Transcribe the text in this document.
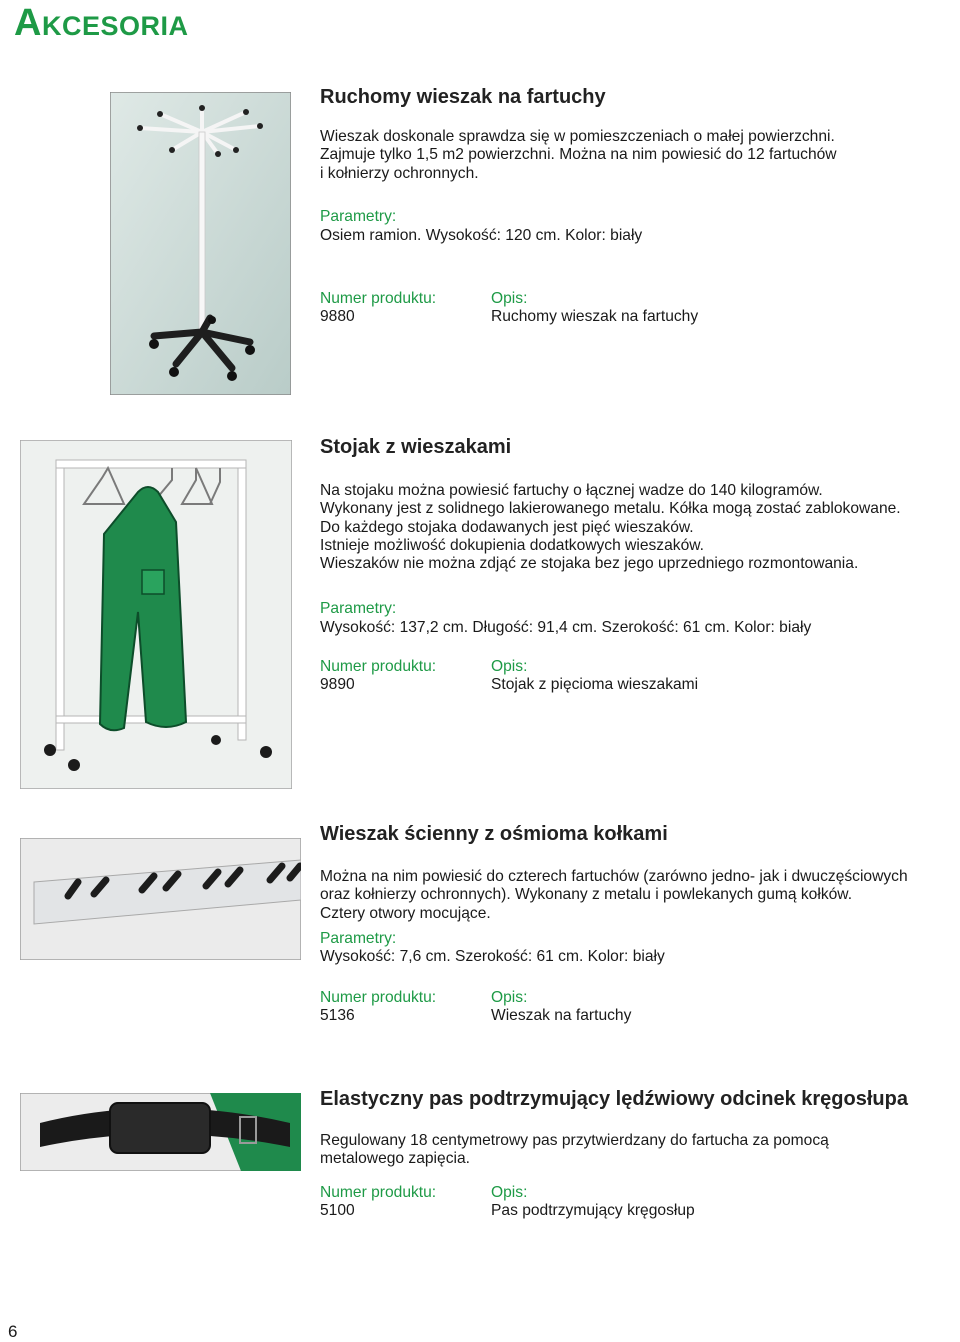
AKCESORIA
Ruchomy wieszak na fartuchy
Wieszak doskonale sprawdza się w pomieszczeniach o małej powierzchni.
Zajmuje tylko 1,5 m2 powierzchni. Można na nim powiesić do 12 fartuchów
i kołnierzy ochronnych.
Parametry:
Osiem ramion. Wysokość: 120 cm. Kolor: biały
Numer produktu:
9880
Opis:
Ruchomy wieszak na fartuchy
Stojak z wieszakami
Na stojaku można powiesić fartuchy o łącznej wadze do 140 kilogramów.
Wykonany jest z solidnego lakierowanego metalu. Kółka mogą zostać zablokowane.
Do każdego stojaka dodawanych jest pięć wieszaków.
Istnieje możliwość dokupienia dodatkowych wieszaków.
Wieszaków nie można zdjąć ze stojaka bez jego uprzedniego rozmontowania.
Parametry:
Wysokość: 137,2 cm. Długość: 91,4 cm. Szerokość: 61 cm. Kolor: biały
Numer produktu:
9890
Opis:
Stojak z pięcioma wieszakami
Wieszak ścienny z ośmioma kołkami
Można na nim powiesić do czterech fartuchów (zarówno jedno- jak i dwuczęściowych
oraz kołnierzy ochronnych). Wykonany z metalu i powlekanych gumą kołków.
Cztery otwory mocujące.
Parametry:
Wysokość: 7,6 cm. Szerokość: 61 cm. Kolor: biały
Numer produktu:
5136
Opis:
Wieszak na fartuchy
Elastyczny pas podtrzymujący lędźwiowy odcinek kręgosłupa
Regulowany 18 centymetrowy pas przytwierdzany do fartucha za pomocą
metalowego zapięcia.
Numer produktu:
5100
Opis:
Pas podtrzymujący kręgosłup
6
